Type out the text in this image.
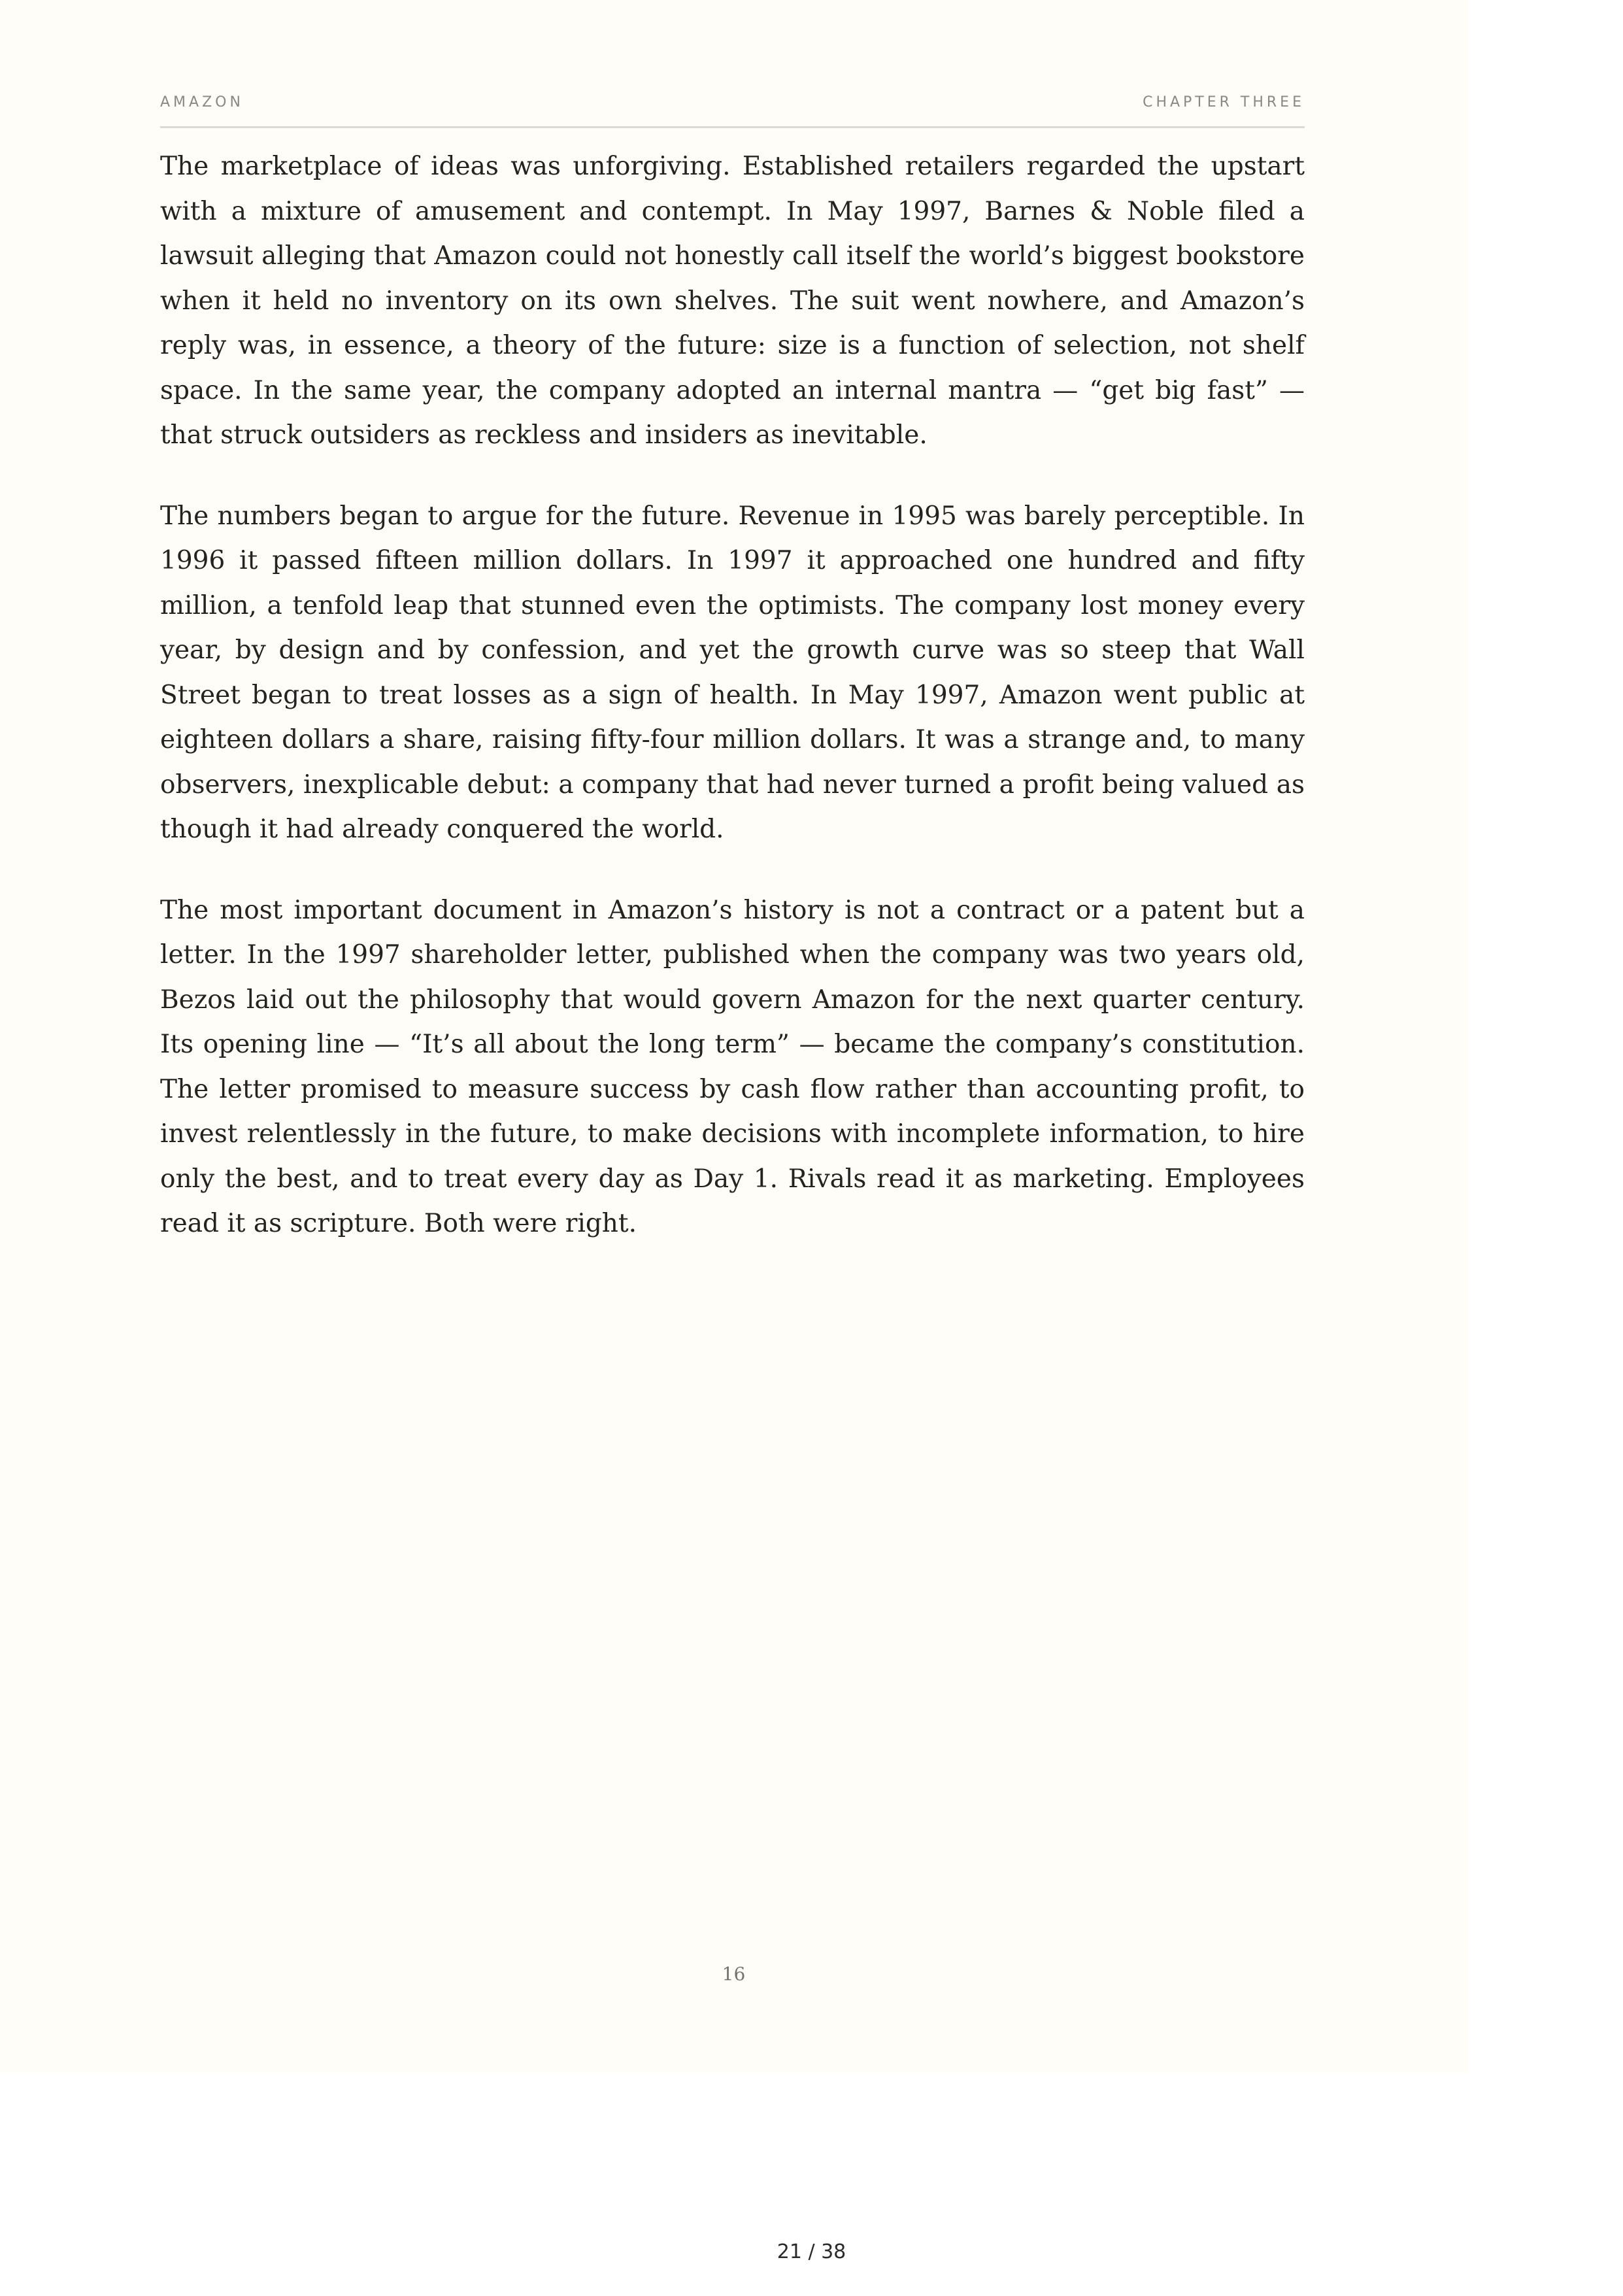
AMAZON	CHAPTER THREE

The marketplace of ideas was unforgiving. Established retailers regarded the upstart with a mixture of amusement and contempt. In May 1997, Barnes & Noble filed a lawsuit alleging that Amazon could not honestly call itself the world’s biggest bookstore when it held no inventory on its own shelves. The suit went nowhere, and Amazon’s reply was, in essence, a theory of the future: size is a function of selection, not shelf space. In the same year, the company adopted an internal mantra — “get big fast” — that struck outsiders as reckless and insiders as inevitable.

The numbers began to argue for the future. Revenue in 1995 was barely perceptible. In 1996 it passed fifteen million dollars. In 1997 it approached one hundred and fifty million, a tenfold leap that stunned even the optimists. The company lost money every year, by design and by confession, and yet the growth curve was so steep that Wall Street began to treat losses as a sign of health. In May 1997, Amazon went public at eighteen dollars a share, raising fifty-four million dollars. It was a strange and, to many observers, inexplicable debut: a company that had never turned a profit being valued as though it had already conquered the world.

The most important document in Amazon’s history is not a contract or a patent but a letter. In the 1997 shareholder letter, published when the company was two years old, Bezos laid out the philosophy that would govern Amazon for the next quarter century. Its opening line — “It’s all about the long term” — became the company’s constitution. The letter promised to measure success by cash flow rather than accounting profit, to invest relentlessly in the future, to make decisions with incomplete information, to hire only the best, and to treat every day as Day 1. Rivals read it as marketing. Employees read it as scripture. Both were right.

16
21 / 38
